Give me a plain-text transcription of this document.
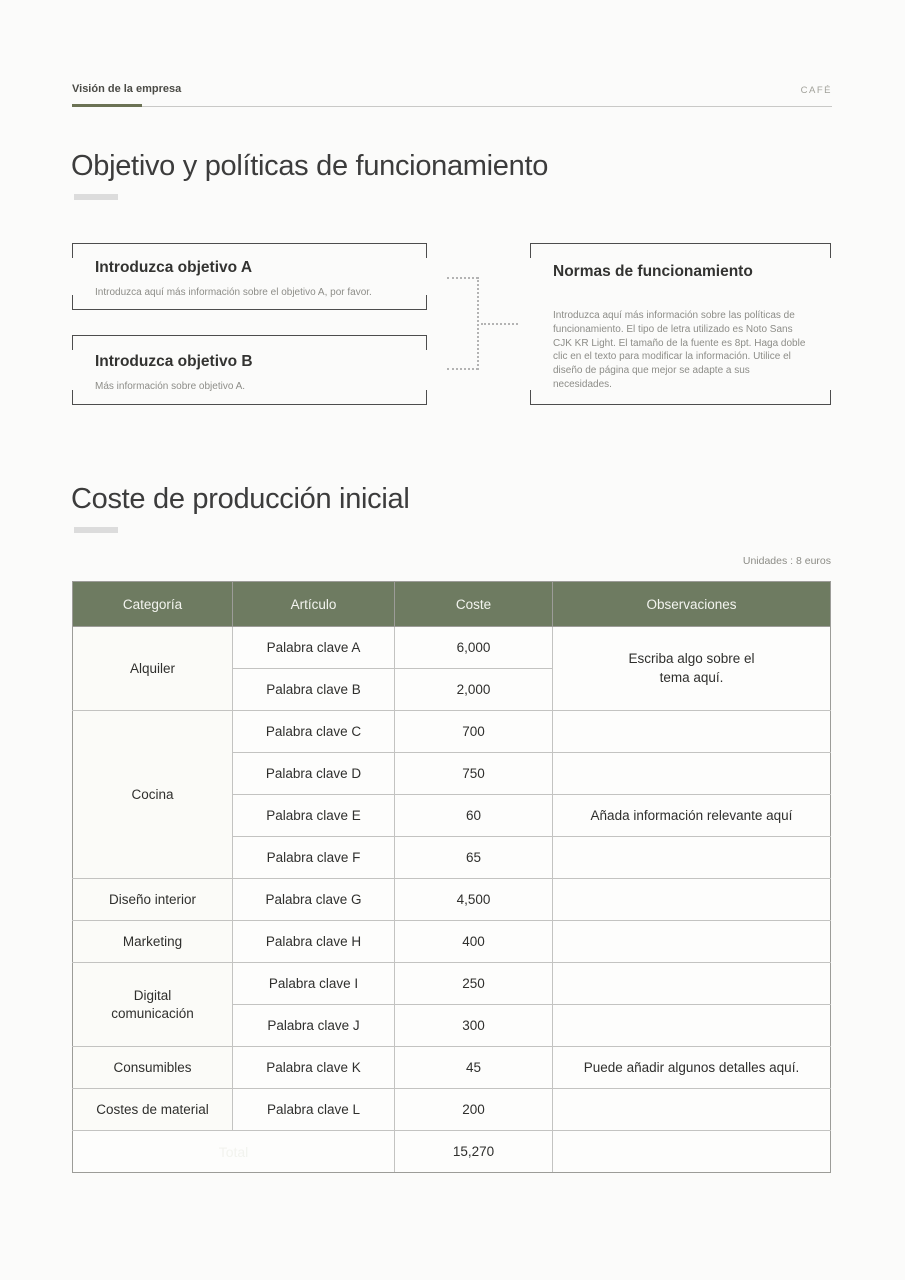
Visión de la empresa	CAFÉ
Objetivo y políticas de funcionamiento
Introduzca objetivo A
Introduzca aquí más información sobre el objetivo A, por favor.
Introduzca objetivo B
Más información sobre objetivo A.
Normas de funcionamiento
Introduzca aquí más información sobre las políticas de funcionamiento. El tipo de letra utilizado es Noto Sans CJK KR Light. El tamaño de la fuente es 8pt. Haga doble clic en el texto para modificar la información. Utilice el diseño de página que mejor se adapte a sus necesidades.
Coste de producción inicial
Unidades : 8 euros
Categoría	Artículo	Coste	Observaciones
Alquiler	Palabra clave A	6,000	Escriba algo sobre el tema aquí.
	Palabra clave B	2,000	
Cocina	Palabra clave C	700	
	Palabra clave D	750	
	Palabra clave E	60	Añada información relevante aquí
	Palabra clave F	65	
Diseño interior	Palabra clave G	4,500	
Marketing	Palabra clave H	400	
Digital comunicación	Palabra clave I	250	
	Palabra clave J	300	
Consumibles	Palabra clave K	45	Puede añadir algunos detalles aquí.
Costes de material	Palabra clave L	200	
Total		15,270	
